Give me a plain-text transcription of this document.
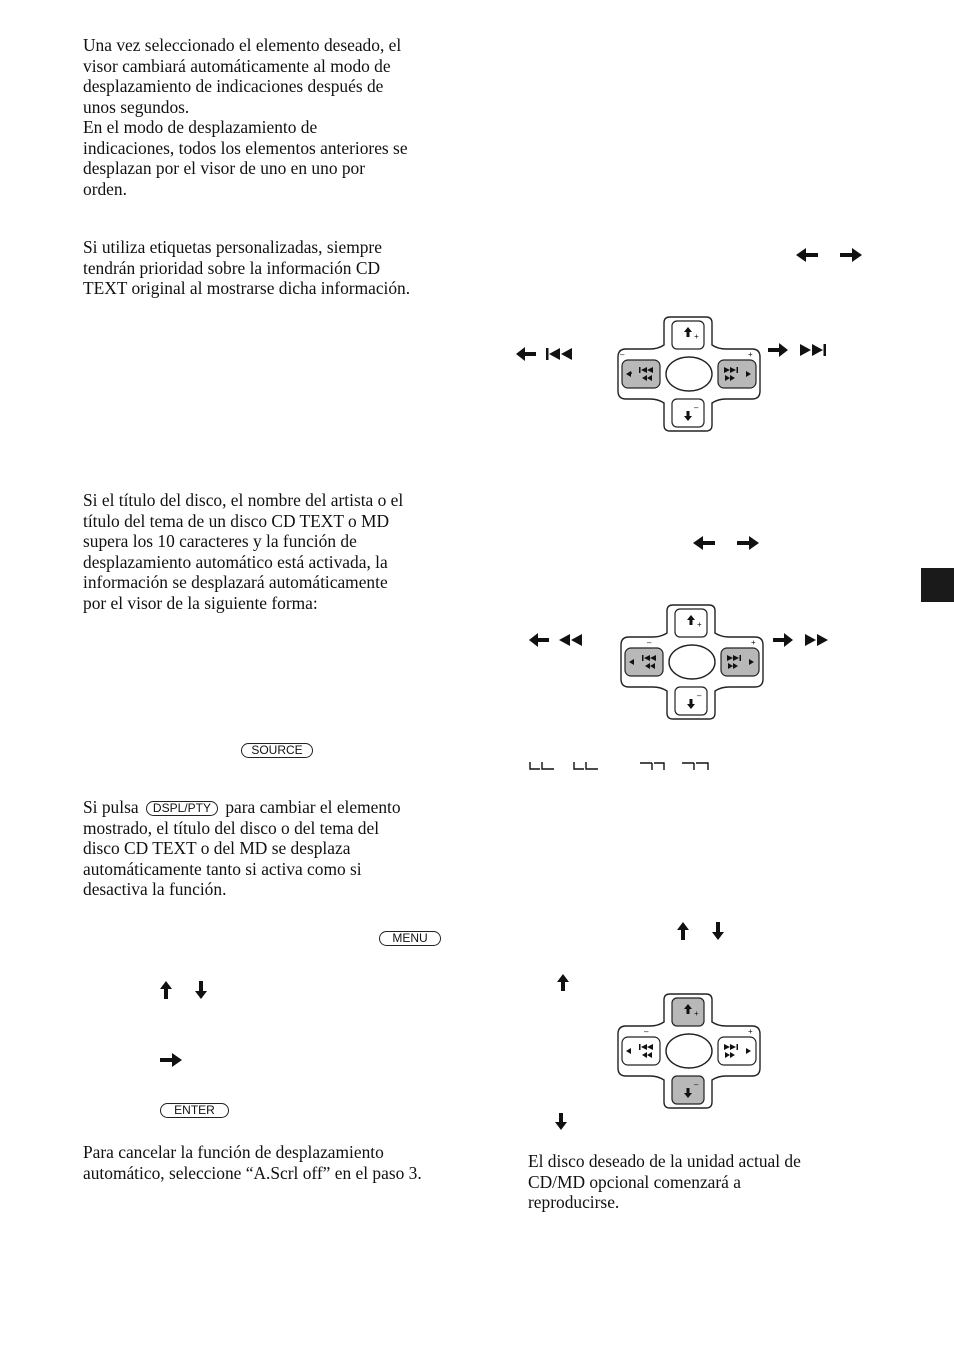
Una vez seleccionado el elemento deseado, el
visor cambiará automáticamente al modo de
desplazamiento de indicaciones después de
unos segundos.
En el modo de desplazamiento de
indicaciones, todos los elementos anteriores se
desplazan por el visor de uno en uno por
orden.
Si utiliza etiquetas personalizadas, siempre
tendrán prioridad sobre la información CD
TEXT original al mostrarse dicha información.
Si el título del disco, el nombre del artista o el
título del tema de un disco CD TEXT o MD
supera los 10 caracteres y la función de
desplazamiento automático está activada, la
información se desplazará automáticamente
por el visor de la siguiente forma:
SOURCE
Si pulsa DSPL/PTY para cambiar el elemento
mostrado, el título del disco o del tema del
disco CD TEXT o del MD se desplaza
automáticamente tanto si activa como si
desactiva la función.
MENU
ENTER
Para cancelar la función de desplazamiento
automático, seleccione “A.Scrl off” en el paso 3.
+
–
–	+
+
–
–	+
+
–
–	+
El disco deseado de la unidad actual de
CD/MD opcional comenzará a
reproducirse.
